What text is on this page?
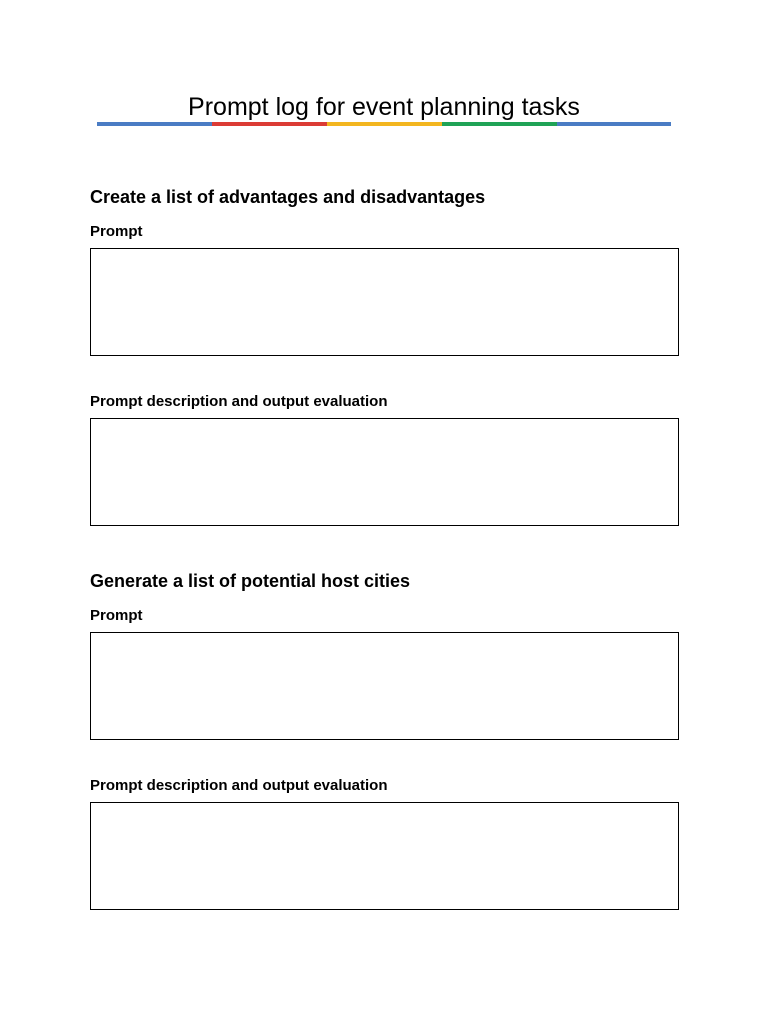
Prompt log for event planning tasks
Create a list of advantages and disadvantages
Prompt
Prompt description and output evaluation
Generate a list of potential host cities
Prompt
Prompt description and output evaluation
